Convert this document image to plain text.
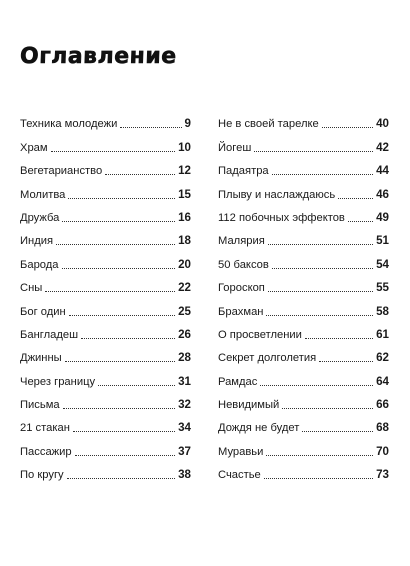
Оглавление
Техника молодежи	9
Храм	10
Вегетарианство	12
Молитва	15
Дружба	16
Индия	18
Барода	20
Сны	22
Бог один	25
Бангладеш	26
Джинны	28
Через границу	31
Письма	32
21 стакан	34
Пассажир	37
По кругу	38
Не в своей тарелке	40
Йогеш	42
Падаятра	44
Плыву и наслаждаюсь	46
112 побочных эффектов	49
Малярия	51
50 баксов	54
Гороскоп	55
Брахман	58
О просветлении	61
Секрет долголетия	62
Рамдас	64
Невидимый	66
Дождя не будет	68
Муравьи	70
Счастье	73
